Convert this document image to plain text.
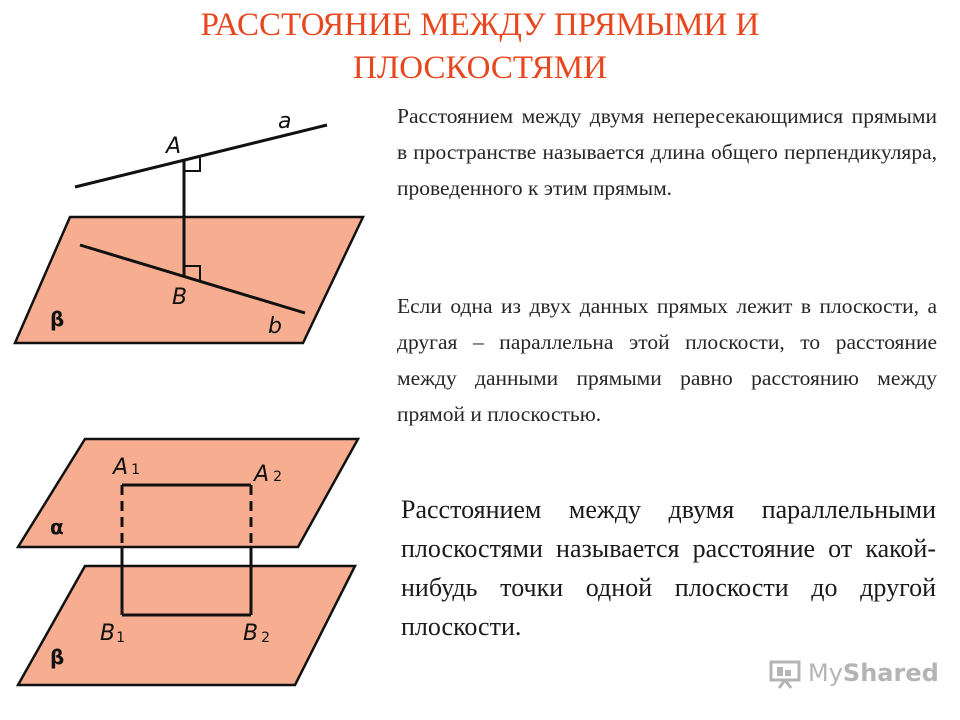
РАССТОЯНИЕ МЕЖДУ ПРЯМЫМИ И
ПЛОСКОСТЯМИ
Расстоянием между двумя непересекающимися прямыми в пространстве называется длина общего перпендикуляра, проведенного к этим прямым.
Если одна из двух данных прямых лежит в плоскости, а другая – параллельна этой плоскости, то расстояние между данными прямыми равно расстоянию между прямой и плоскостью.
Расстоянием между двумя параллельными плоскостями называется расстояние от какой-нибудь точки одной плоскости до другой плоскости.
a
A
B
b
β
A 1	A 2
B1	B 2
α
β
MyShared
